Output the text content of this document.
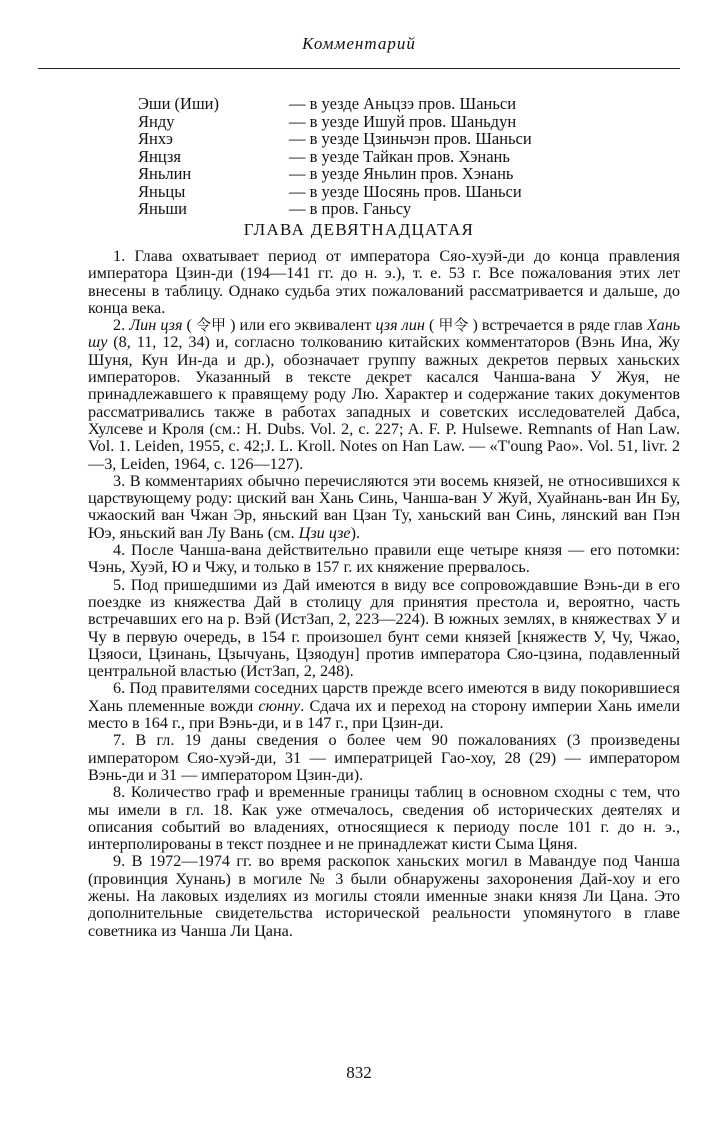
Комментарий
Эши (Иши)	— в уезде Аньцзэ пров. Шаньси
Янду	— в уезде Ишуй пров. Шаньдун
Янхэ	— в уезде Цзиньчэн пров. Шаньси
Янцзя	— в уезде Тайкан пров. Хэнань
Яньлин	— в уезде Яньлин пров. Хэнань
Яньцы	— в уезде Шосянь пров. Шаньси
Яньши	— в пров. Ганьсу
ГЛАВА ДЕВЯТНАДЦАТАЯ

1. Глава охватывает период от императора Сяо-хуэй-ди до конца правления императора Цзин-ди (194—141 гг. до н. э.), т. е. 53 г. Все пожалования этих лет внесены в таблицу. Однако судьба этих пожалований рассматривается и дальше, до конца века.

2. Лин цзя ( 令甲 ) или его эквивалент цзя лин ( 甲令 ) встречается в ряде глав Хань шу (8, 11, 12, 34) и, согласно толкованию китайских комментаторов (Вэнь Ина, Жу Шуня, Кун Ин-да и др.), обозначает группу важных декретов первых ханьских императоров. Указанный в тексте декрет касался Чанша-вана У Жуя, не принадлежавшего к правящему роду Лю. Характер и содержание таких документов рассматривались также в работах западных и советских исследователей Дабса, Хулсеве и Кроля (см.: H. Dubs. Vol. 2, c. 227; A. F. P. Hulsewe. Remnants of Han Law. Vol. 1. Leiden, 1955, c. 42;J. L. Kroll. Notes on Han Law. — «T'oung Pao». Vol. 51, livr. 2—3, Leiden, 1964, c. 126—127).

3. В комментариях обычно перечисляются эти восемь князей, не относившихся к царствующему роду: циский ван Хань Синь, Чанша-ван У Жуй, Хуайнань-ван Ин Бу, чжаоский ван Чжан Эр, яньский ван Цзан Ту, ханьский ван Синь, лянский ван Пэн Юэ, яньский ван Лу Вань (см. Цзи цзе).

4. После Чанша-вана действительно правили еще четыре князя — его потомки: Чэнь, Хуэй, Ю и Чжу, и только в 157 г. их княжение прервалось.

5. Под пришедшими из Дай имеются в виду все сопровождавшие Вэнь-ди в его поездке из княжества Дай в столицу для принятия престола и, вероятно, часть встречавших его на р. Вэй (ИстЗап, 2, 223—224). В южных землях, в княжествах У и Чу в первую очередь, в 154 г. произошел бунт семи князей [княжеств У, Чу, Чжао, Цзяоси, Цзинань, Цзычуань, Цзяодун] против императора Сяо-цзина, подавленный центральной властью (ИстЗап, 2, 248).

6. Под правителями соседних царств прежде всего имеются в виду покорившиеся Хань племенные вожди сюнну. Сдача их и переход на сторону империи Хань имели место в 164 г., при Вэнь-ди, и в 147 г., при Цзин-ди.

7. В гл. 19 даны сведения о более чем 90 пожалованиях (3 произведены императором Сяо-хуэй-ди, 31 — императрицей Гао-хоу, 28 (29) — императором Вэнь-ди и 31 — императором Цзин-ди).

8. Количество граф и временные границы таблиц в основном сходны с тем, что мы имели в гл. 18. Как уже отмечалось, сведения об исторических деятелях и описания событий во владениях, относящиеся к периоду после 101 г. до н. э., интерполированы в текст позднее и не принадлежат кисти Сыма Цяня.

9. В 1972—1974 гг. во время раскопок ханьских могил в Мавандуе под Чанша (провинция Хунань) в могиле № 3 были обнаружены захоронения Дай-хоу и его жены. На лаковых изделиях из могилы стояли именные знаки князя Ли Цана. Это дополнительные свидетельства исторической реальности упомянутого в главе советника из Чанша Ли Цана.

832
